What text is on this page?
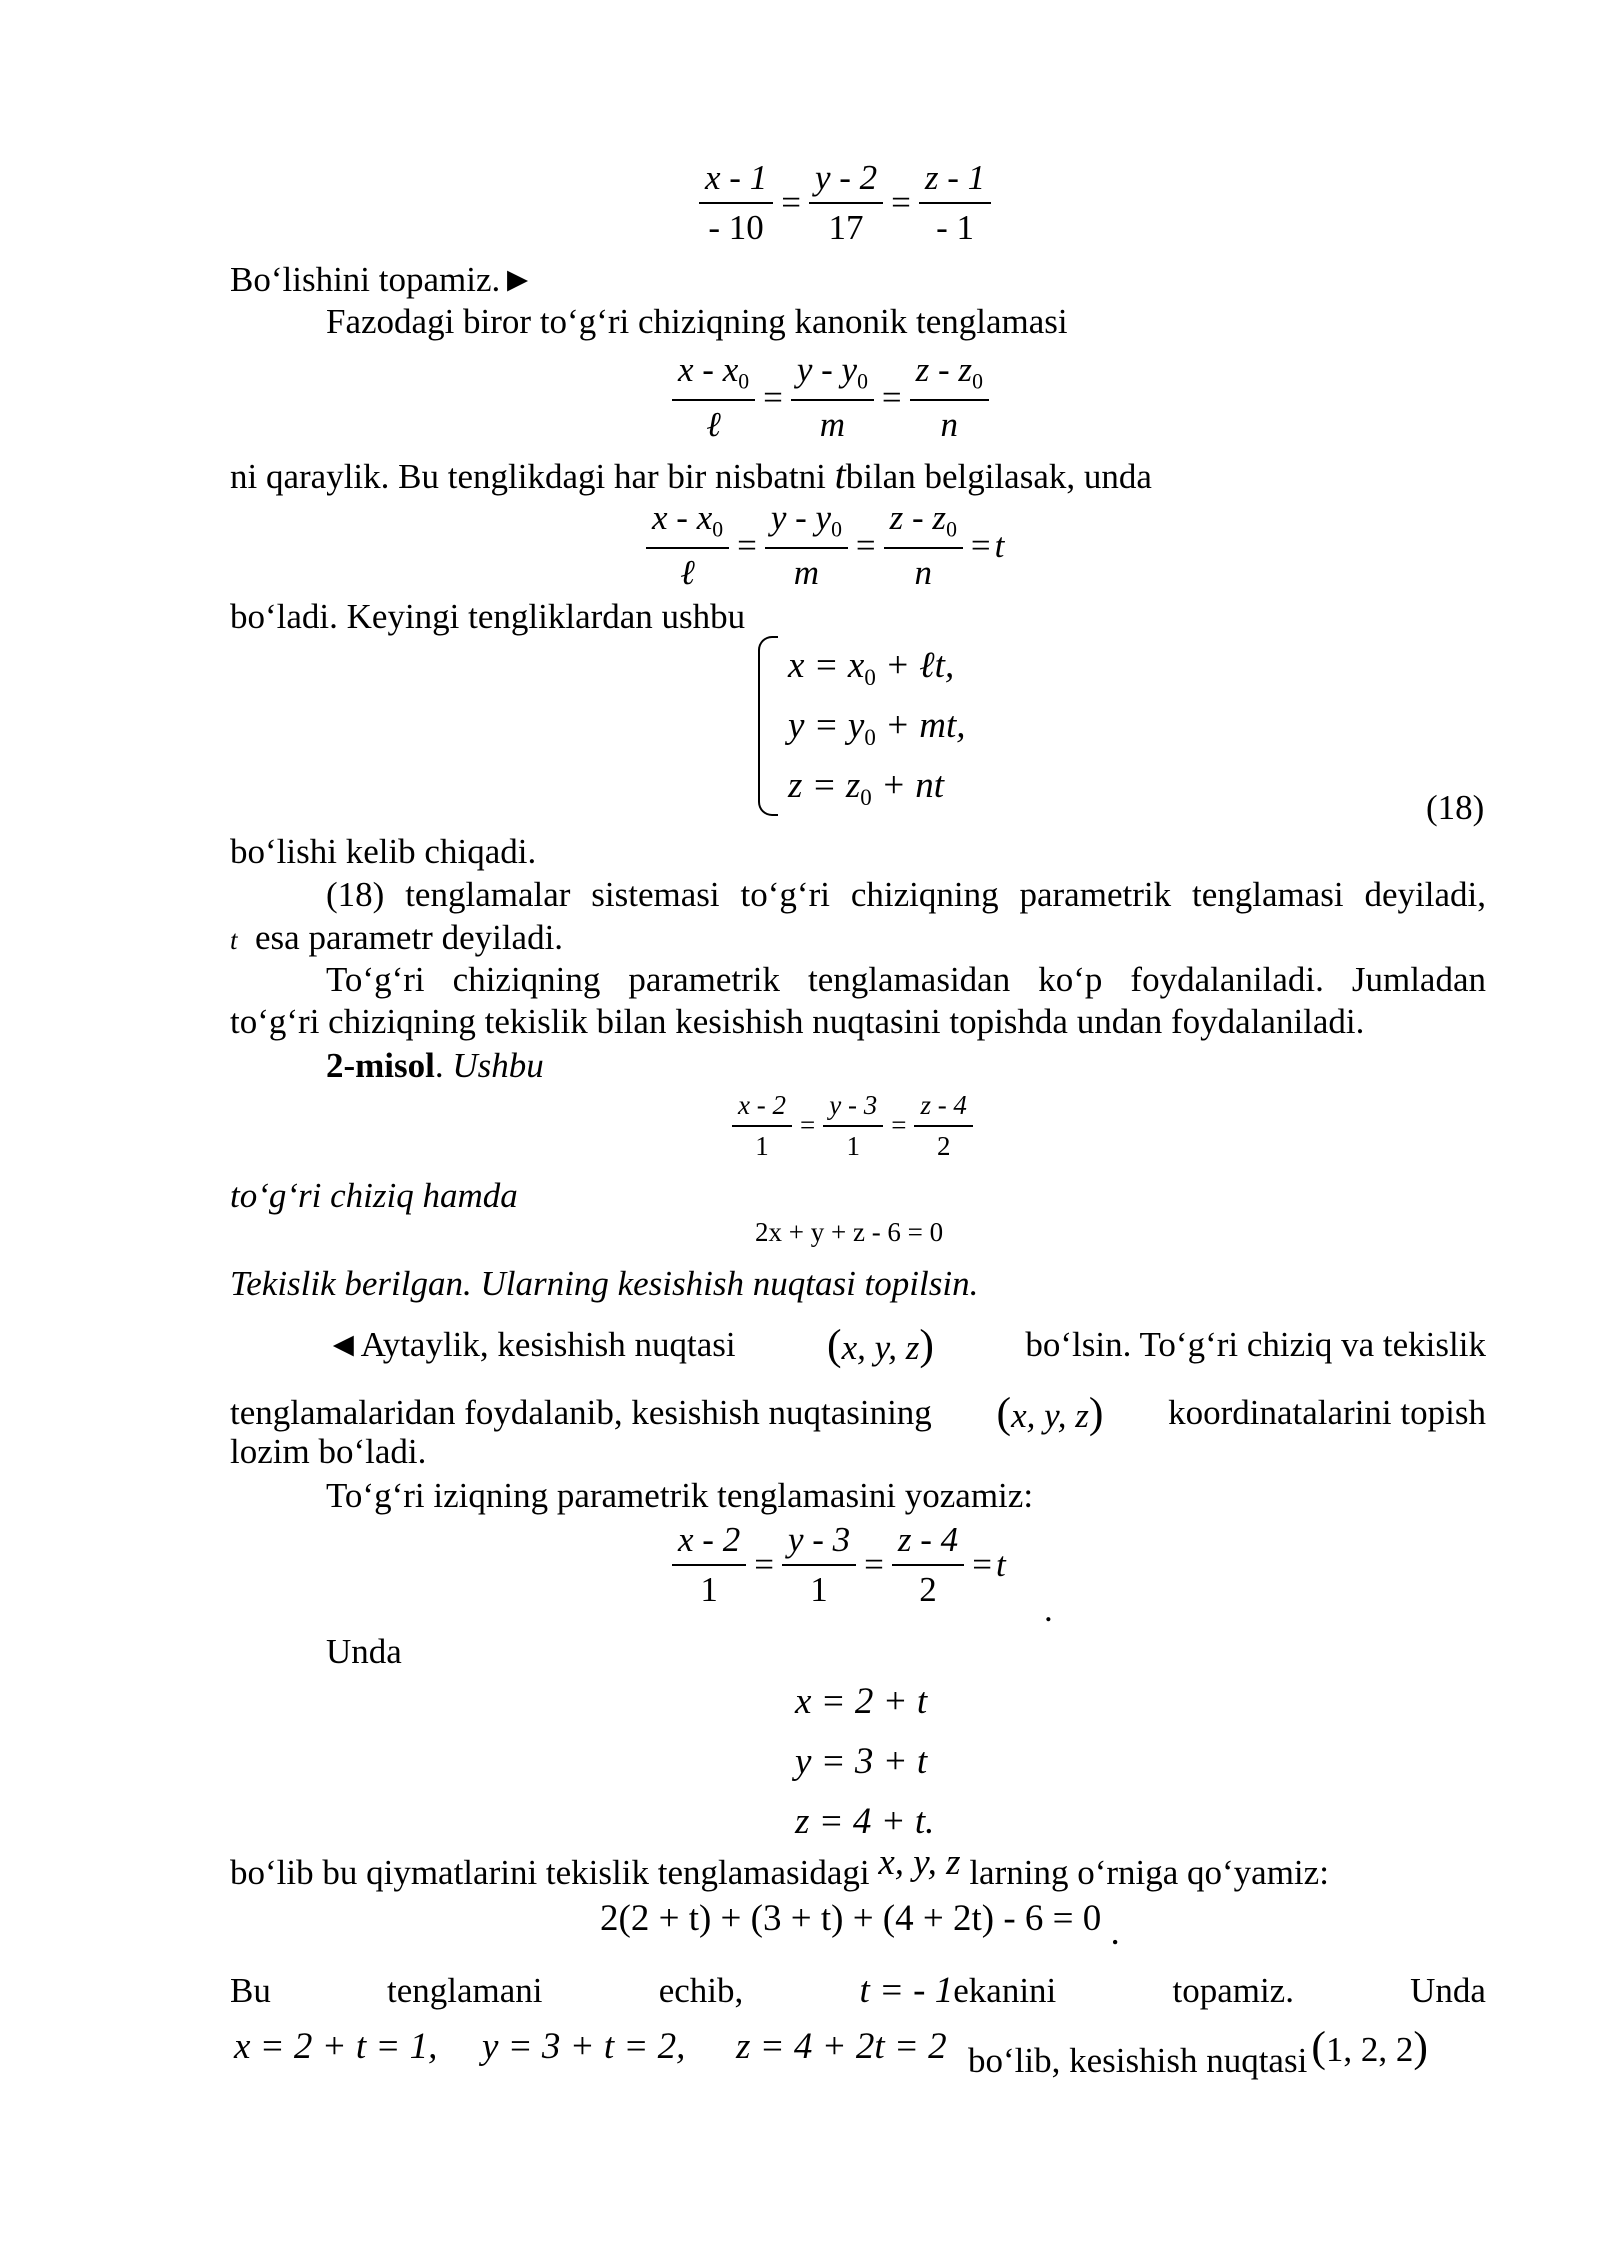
$\frac{x - 1}{- 10} = \frac{y - 2}{17} = \frac{z - 1}{- 1}$
Bo‘lishini topamiz.►
Fazodagi biror to‘g‘ri chiziqning kanonik tenglamasi
$\frac{x - x_0}{\text{ℓ}} = \frac{y - y_0}{m} = \frac{z - z_0}{n}$
ni qaraylik. Bu tenglikdagi har bir nisbatni tbilan belgilasak, unda
$\frac{x - x_0}{\text{ℓ}} = \frac{y - y_0}{m} = \frac{z - z_0}{n} = t$
bo‘ladi. Keyingi tengliklardan ushbu
$x = x_0$ + ℓt,
$y = y_0$ + mt,
$z = z_0$ + nt
(18)
bo‘lishi kelib chiqadi.
(18) tenglamalar sistemasi to‘g‘ri chiziqning parametrik tenglamasi deyiladi,
t esa parametr deyiladi.
To‘g‘ri chiziqning parametrik tenglamasidan ko‘p foydalaniladi. Jumladan
to‘g‘ri chiziqning tekislik bilan kesishish nuqtasini topishda undan foydalaniladi.
2-misol. Ushbu
$\frac{x - 2}{1} = \frac{y - 3}{1} = \frac{z - 4}{2}$
to‘g‘ri chiziq hamda
2x + y + z - 6 = 0
Tekislik berilgan. Ularning kesishish nuqtasi topilsin.
◄Aytaylik, kesishish nuqtasi (x, y, z)	bo‘lsin. To‘g‘ri chiziq va tekislik
tenglamalaridan foydalanib, kesishish nuqtasining (x, y, z) koordinatalarini topish
lozim bo‘ladi.
To‘g‘ri iziqning parametrik tenglamasini yozamiz:
$\frac{x - 2}{1} = \frac{y - 3}{1} = \frac{z - 4}{2} = t$
.
Unda
x = 2 + t
y = 3 + t
z = 4 + t.
bo‘lib bu qiymatlarini tekislik tenglamasidagi x, y, z larning o‘rniga qo‘yamiz:
2(2 + t) + (3 + t) + (4 + 2t) - 6 = 0 .
Bu	tenglamani	echib,	t = - 1ekanini	topamiz.	Unda
x = 2 + t = 1,	y = 3 + t = 2,	z = 4 + 2t = 2 bo‘lib, kesishish nuqtasi (1, 2, 2)
